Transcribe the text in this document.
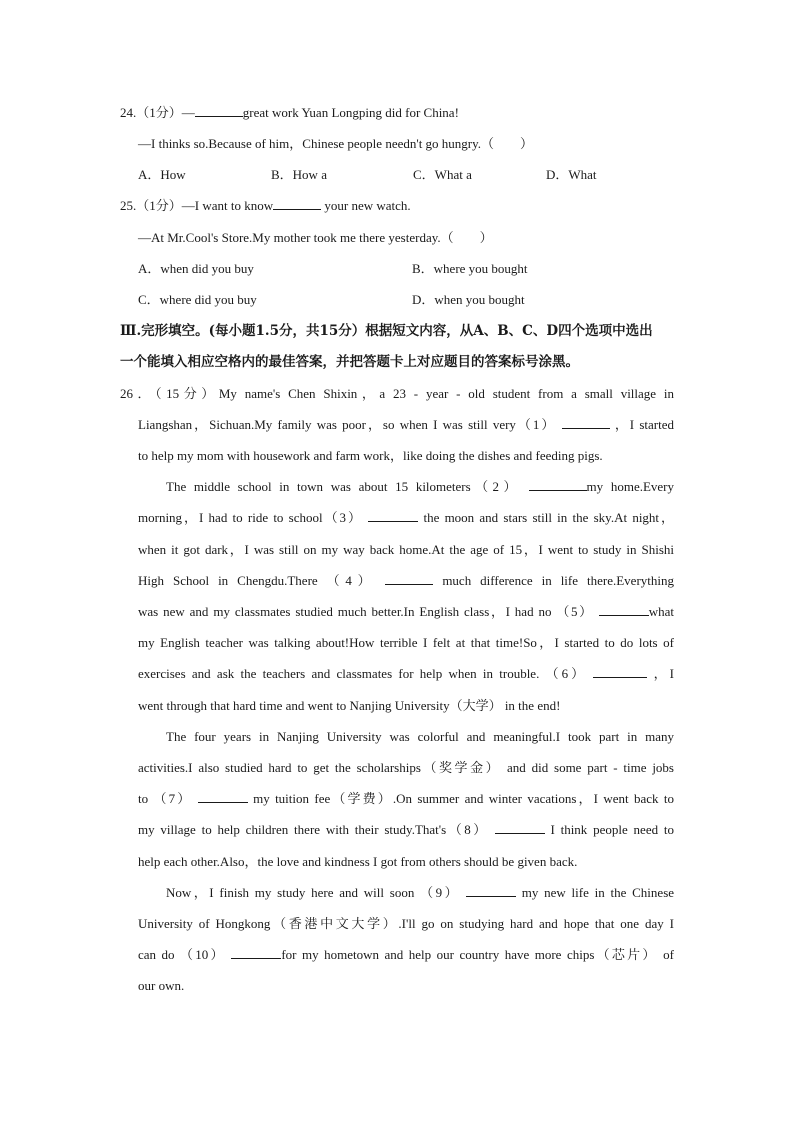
24.（1分）—	great work Yuan Longping did for China!
—I thinks so.Because of him，Chinese people needn't go hungry.（　　）
A．How	B．How a	C．What a	D．What
25.（1分）—I want to know	your new watch.
—At Mr.Cool's Store.My mother took me there yesterday.（　　）
A．when did you buy	B．where you bought
C．where did you buy	D．when you bought
Ⅲ.完形填空。(每小题1.5分，共15分）根据短文内容，从A、B、C、D四个选项中选出
一个能填入相应空格内的最佳答案，并把答题卡上对应题目的答案标号涂黑。
26．（15分）My name's Chen Shixin，a 23 - year - old student from a small village in
Liangshan，Sichuan.My family was poor，so when I was still very（1）	，I started
to help my mom with housework and farm work，like doing the dishes and feeding pigs.
The middle school in town was about 15 kilometers（2）	my home.Every
morning，I had to ride to school（3）	the moon and stars still in the sky.At night，
when it got dark，I was still on my way back home.At the age of 15，I went to study in Shishi
High School in Chengdu.There （4）	much difference in life there.Everything
was new and my classmates studied much better.In English class，I had no （5）	what
my English teacher was talking about!How terrible I felt at that time!So，I started to do lots of
exercises and ask the teachers and classmates for help when in trouble. （6）	，I
went through that hard time and went to Nanjing University（大学） in the end!
The four years in Nanjing University was colorful and meaningful.I took part in many
activities.I also studied hard to get the scholarships（奖学金） and did some part - time jobs
to （7）	my tuition fee（学费）.On summer and winter vacations，I went back to
my village to help children there with their study.That's（8）	I think people need to
help each other.Also，the love and kindness I got from others should be given back.
Now，I finish my study here and will soon （9）	my new life in the Chinese
University of Hongkong（香港中文大学）.I'll go on studying hard and hope that one day I
can do （10）	for my hometown and help our country have more chips（芯片） of
our own.
